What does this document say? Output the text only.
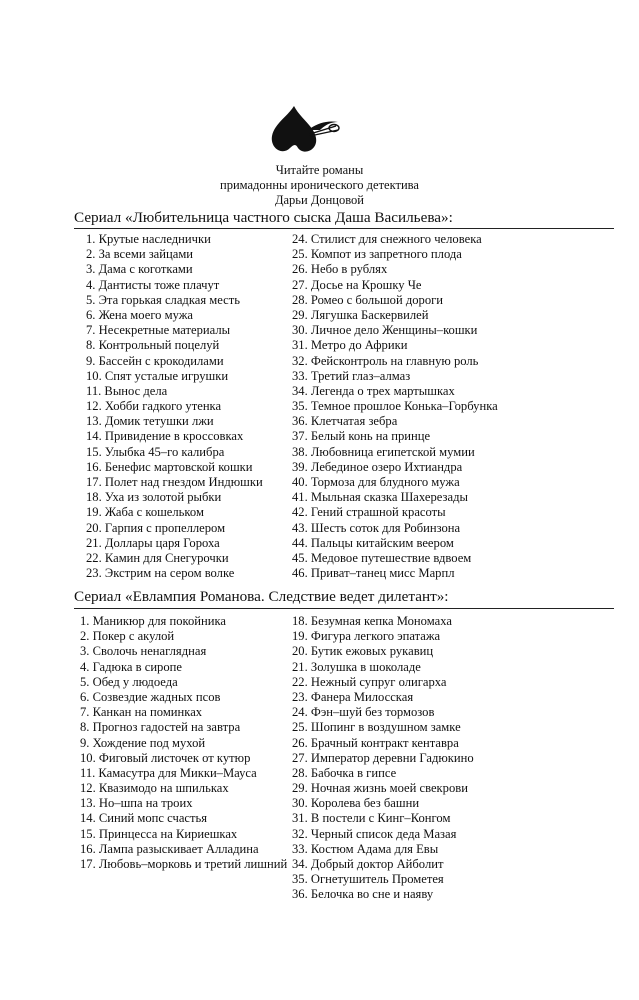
Читайте романы
примадонны иронического детектива
Дарьи Донцовой
Сериал «Любительница частного сыска Даша Васильева»:
1. Крутые наследнички
2. За всеми зайцами
3. Дама с коготками
4. Дантисты тоже плачут
5. Эта горькая сладкая месть
6. Жена моего мужа
7. Несекретные материалы
8. Контрольный поцелуй
9. Бассейн с крокодилами
10. Спят усталые игрушки
11. Вынос дела
12. Хобби гадкого утенка
13. Домик тетушки лжи
14. Привидение в кроссовках
15. Улыбка 45–го калибра
16. Бенефис мартовской кошки
17. Полет над гнездом Индюшки
18. Уха из золотой рыбки
19. Жаба с кошельком
20. Гарпия с пропеллером
21. Доллары царя Гороха
22. Камин для Снегурочки
23. Экстрим на сером волке
24. Стилист для снежного человека
25. Компот из запретного плода
26. Небо в рублях
27. Досье на Крошку Че
28. Ромео с большой дороги
29. Лягушка Баскервилей
30. Личное дело Женщины–кошки
31. Метро до Африки
32. Фейсконтроль на главную роль
33. Третий глаз–алмаз
34. Легенда о трех мартышках
35. Темное прошлое Конька–Горбунка
36. Клетчатая зебра
37. Белый конь на принце
38. Любовница египетской мумии
39. Лебединое озеро Ихтиандра
40. Тормоза для блудного мужа
41. Мыльная сказка Шахерезады
42. Гений страшной красоты
43. Шесть соток для Робинзона
44. Пальцы китайским веером
45. Медовое путешествие вдвоем
46. Приват–танец мисс Марпл
Сериал «Евлампия Романова. Следствие ведет дилетант»:
1. Маникюр для покойника
2. Покер с акулой
3. Сволочь ненаглядная
4. Гадюка в сиропе
5. Обед у людоеда
6. Созвездие жадных псов
7. Канкан на поминках
8. Прогноз гадостей на завтра
9. Хождение под мухой
10. Фиговый листочек от кутюр
11. Камасутра для Микки–Мауса
12. Квазимодо на шпильках
13. Но–шпа на троих
14. Синий мопс счастья
15. Принцесса на Кириешках
16. Лампа разыскивает Алладина
17. Любовь–морковь и третий лишний
18. Безумная кепка Мономаха
19. Фигура легкого эпатажа
20. Бутик ежовых рукавиц
21. Золушка в шоколаде
22. Нежный супруг олигарха
23. Фанера Милосская
24. Фэн–шуй без тормозов
25. Шопинг в воздушном замке
26. Брачный контракт кентавра
27. Император деревни Гадюкино
28. Бабочка в гипсе
29. Ночная жизнь моей свекрови
30. Королева без башни
31. В постели с Кинг–Конгом
32. Черный список деда Мазая
33. Костюм Адама для Евы
34. Добрый доктор Айболит
35. Огнетушитель Прометея
36. Белочка во сне и наяву
